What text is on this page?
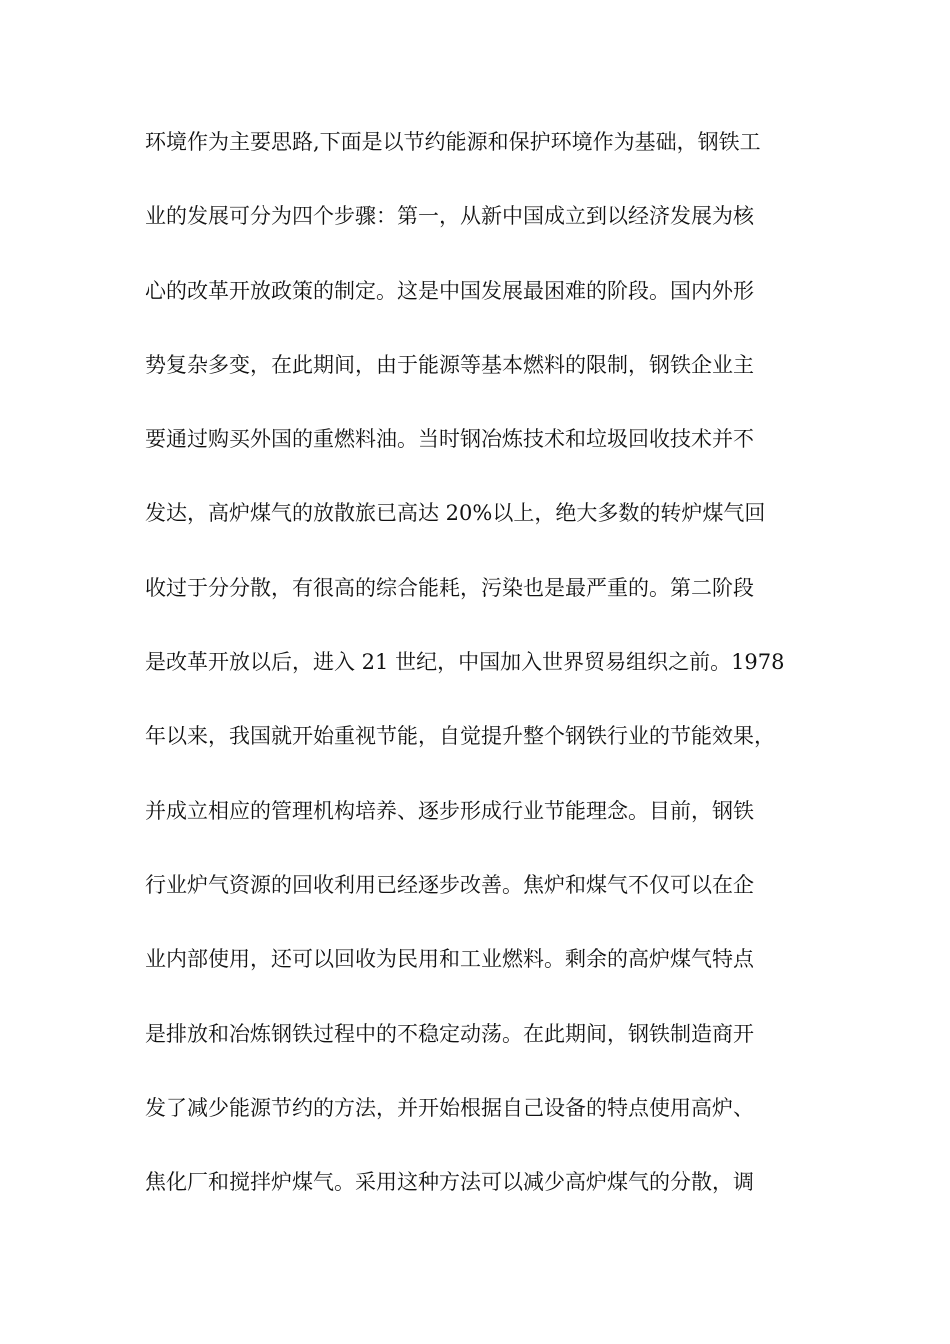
环境作为主要思路,下面是以节约能源和保护环境作为基础，钢铁工

业的发展可分为四个步骤：第一，从新中国成立到以经济发展为核

心的改革开放政策的制定。这是中国发展最困难的阶段。国内外形

势复杂多变，在此期间，由于能源等基本燃料的限制，钢铁企业主

要通过购买外国的重燃料油。当时钢冶炼技术和垃圾回收技术并不

发达，高炉煤气的放散旅已高达 20%以上，绝大多数的转炉煤气回

收过于分分散，有很高的综合能耗，污染也是最严重的。第二阶段

是改革开放以后，进入 21 世纪，中国加入世界贸易组织之前。1978

年以来，我国就开始重视节能，自觉提升整个钢铁行业的节能效果，

并成立相应的管理机构培养、逐步形成行业节能理念。目前，钢铁

行业炉气资源的回收利用已经逐步改善。焦炉和煤气不仅可以在企

业内部使用，还可以回收为民用和工业燃料。剩余的高炉煤气特点

是排放和冶炼钢铁过程中的不稳定动荡。在此期间，钢铁制造商开

发了减少能源节约的方法，并开始根据自己设备的特点使用高炉、

焦化厂和搅拌炉煤气。采用这种方法可以减少高炉煤气的分散，调
